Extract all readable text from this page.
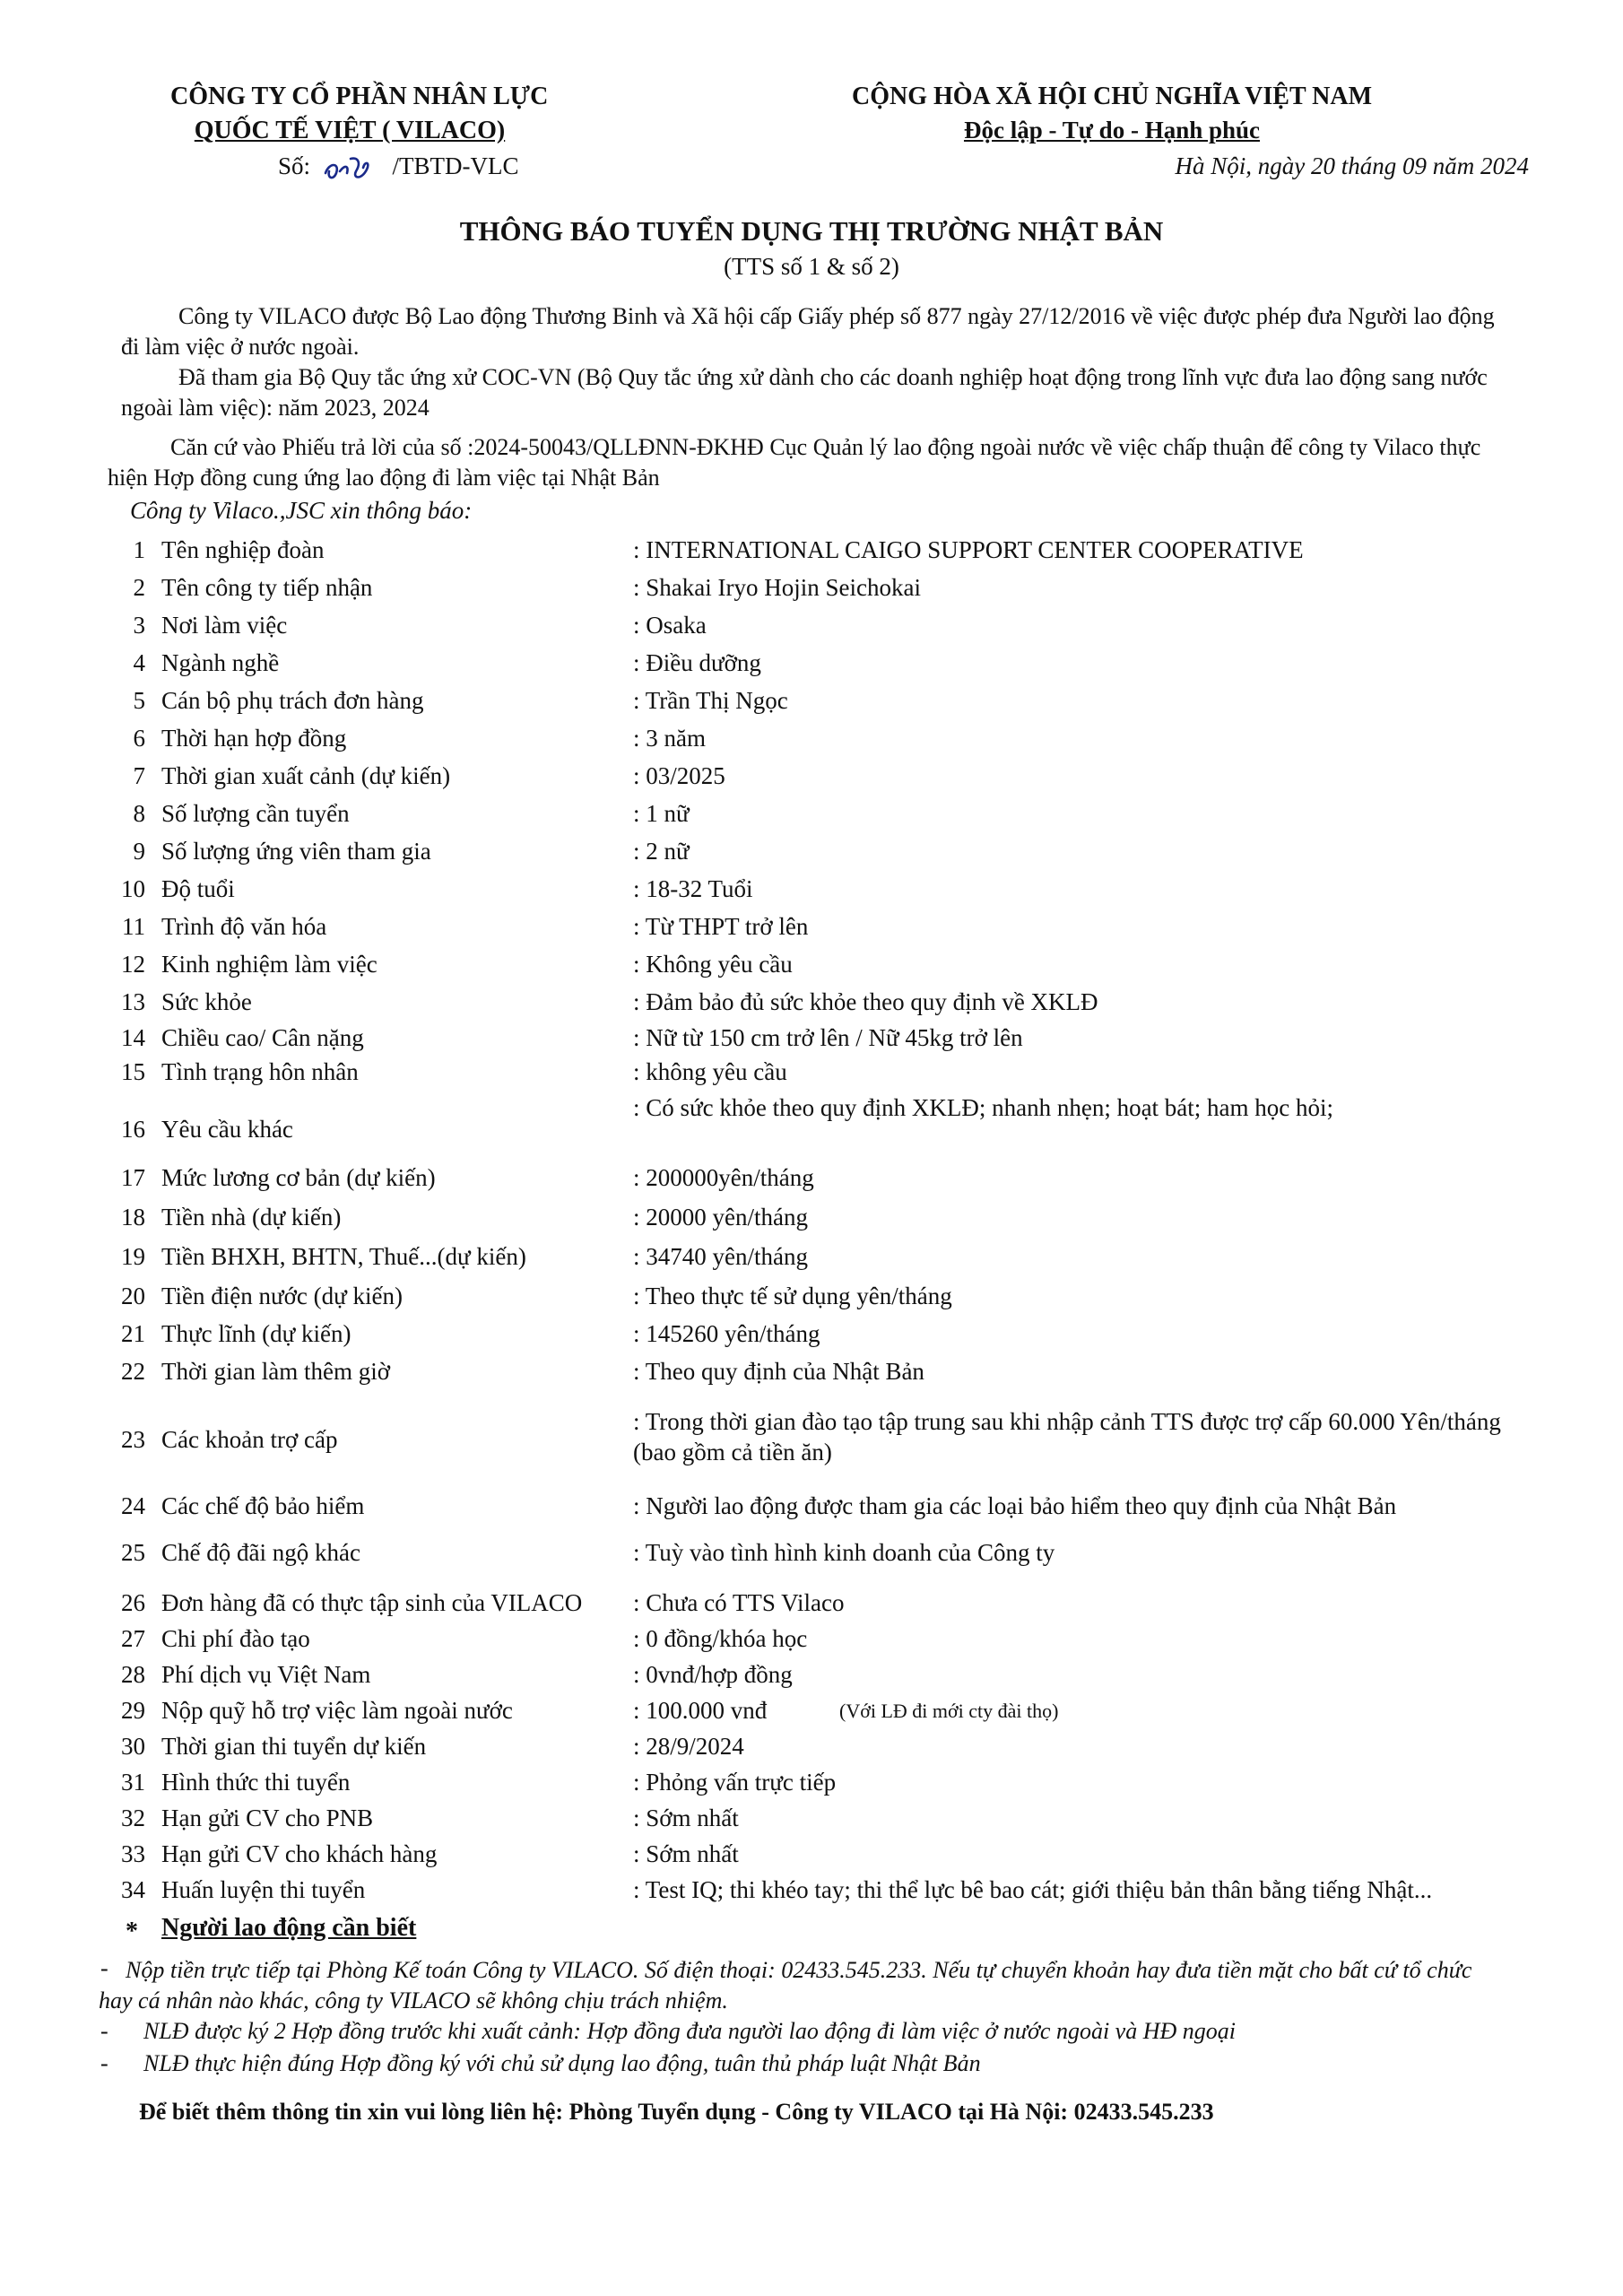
CÔNG TY CỔ PHẦN NHÂN LỰC
QUỐC TẾ VIỆT ( VILACO)
Số:	/TBTD-VLC
CỘNG HÒA XÃ HỘI CHỦ NGHĨA VIỆT NAM
Độc lập - Tự do - Hạnh phúc
Hà Nội, ngày 20 tháng 09 năm 2024
THÔNG BÁO TUYỂN DỤNG THỊ TRƯỜNG NHẬT BẢN
(TTS số 1 & số 2)
Công ty VILACO được Bộ Lao động Thương Binh và Xã hội cấp Giấy phép số 877 ngày 27/12/2016 về việc được phép đưa Người lao động đi làm việc ở nước ngoài.
Đã tham gia Bộ Quy tắc ứng xử COC-VN (Bộ Quy tắc ứng xử dành cho các doanh nghiệp hoạt động trong lĩnh vực đưa lao động sang nước ngoài làm việc): năm 2023, 2024
Căn cứ vào Phiếu trả lời của số :2024-50043/QLLĐNN-ĐKHĐ Cục Quản lý lao động ngoài nước về việc chấp thuận để công ty Vilaco thực hiện Hợp đồng cung ứng lao động đi làm việc tại Nhật Bản
Công ty Vilaco.,JSC xin thông báo:
1 Tên nghiệp đoàn	: INTERNATIONAL CAIGO SUPPORT CENTER COOPERATIVE
2 Tên công ty tiếp nhận	: Shakai Iryo Hojin Seichokai
3 Nơi làm việc	: Osaka
4 Ngành nghề	: Điều dưỡng
5 Cán bộ phụ trách đơn hàng	: Trần Thị Ngọc
6 Thời hạn hợp đồng	: 3 năm
7 Thời gian xuất cảnh (dự kiến)	: 03/2025
8 Số lượng cần tuyển	: 1 nữ
9 Số lượng ứng viên tham gia	: 2 nữ
10 Độ tuổi	: 18-32 Tuổi
11 Trình độ văn hóa	: Từ THPT trở lên
12 Kinh nghiệm làm việc	: Không yêu cầu
13 Sức khỏe	: Đảm bảo đủ sức khỏe theo quy định về XKLĐ
14 Chiều cao/ Cân nặng	: Nữ từ 150 cm trở lên / Nữ 45kg trở lên
15 Tình trạng hôn nhân	: không yêu cầu
16 Yêu cầu khác
: Có sức khỏe theo quy định XKLĐ; nhanh nhẹn; hoạt bát; ham học hỏi;
17 Mức lương cơ bản (dự kiến)	: 200000yên/tháng
18 Tiền nhà (dự kiến)	: 20000 yên/tháng
19 Tiền BHXH, BHTN, Thuế...(dự kiến)	: 34740 yên/tháng
20 Tiền điện nước (dự kiến)	: Theo thực tế sử dụng yên/tháng
21 Thực lĩnh (dự kiến)	: 145260 yên/tháng
22 Thời gian làm thêm giờ	: Theo quy định của Nhật Bản
23 Các khoản trợ cấp
: Trong thời gian đào tạo tập trung sau khi nhập cảnh TTS được trợ cấp 60.000 Yên/tháng (bao gồm cả tiền ăn)
24 Các chế độ bảo hiểm	: Người lao động được tham gia các loại bảo hiểm theo quy định của Nhật Bản
25 Chế độ đãi ngộ khác	: Tuỳ vào tình hình kinh doanh của Công ty
26 Đơn hàng đã có thực tập sinh của VILACO : Chưa có TTS Vilaco
27 Chi phí đào tạo	: 0 đồng/khóa học
28 Phí dịch vụ Việt Nam	: 0vnđ/hợp đồng
29 Nộp quỹ hỗ trợ việc làm ngoài nước	: 100.000 vnđ	(Với LĐ đi mới cty đài thọ)
30 Thời gian thi tuyển dự kiến	: 28/9/2024
31 Hình thức thi tuyển	: Phỏng vấn trực tiếp
32 Hạn gửi CV cho PNB	: Sớm nhất
33 Hạn gửi CV cho khách hàng	: Sớm nhất
34 Huấn luyện thi tuyển	: Test IQ; thi khéo tay; thi thể lực bê bao cát; giới thiệu bản thân bằng tiếng Nhật...
* Người lao động cần biết
- Nộp tiền trực tiếp tại Phòng Kế toán Công ty VILACO. Số điện thoại: 02433.545.233. Nếu tự chuyển khoản hay đưa tiền mặt cho bất cứ tổ chức hay cá nhân nào khác, công ty VILACO sẽ không chịu trách nhiệm.
- NLĐ được ký 2 Hợp đồng trước khi xuất cảnh: Hợp đồng đưa người lao động đi làm việc ở nước ngoài và HĐ ngoại
- NLĐ thực hiện đúng Hợp đồng ký với chủ sử dụng lao động, tuân thủ pháp luật Nhật Bản
Để biết thêm thông tin xin vui lòng liên hệ: Phòng Tuyển dụng - Công ty VILACO tại Hà Nội: 02433.545.233
